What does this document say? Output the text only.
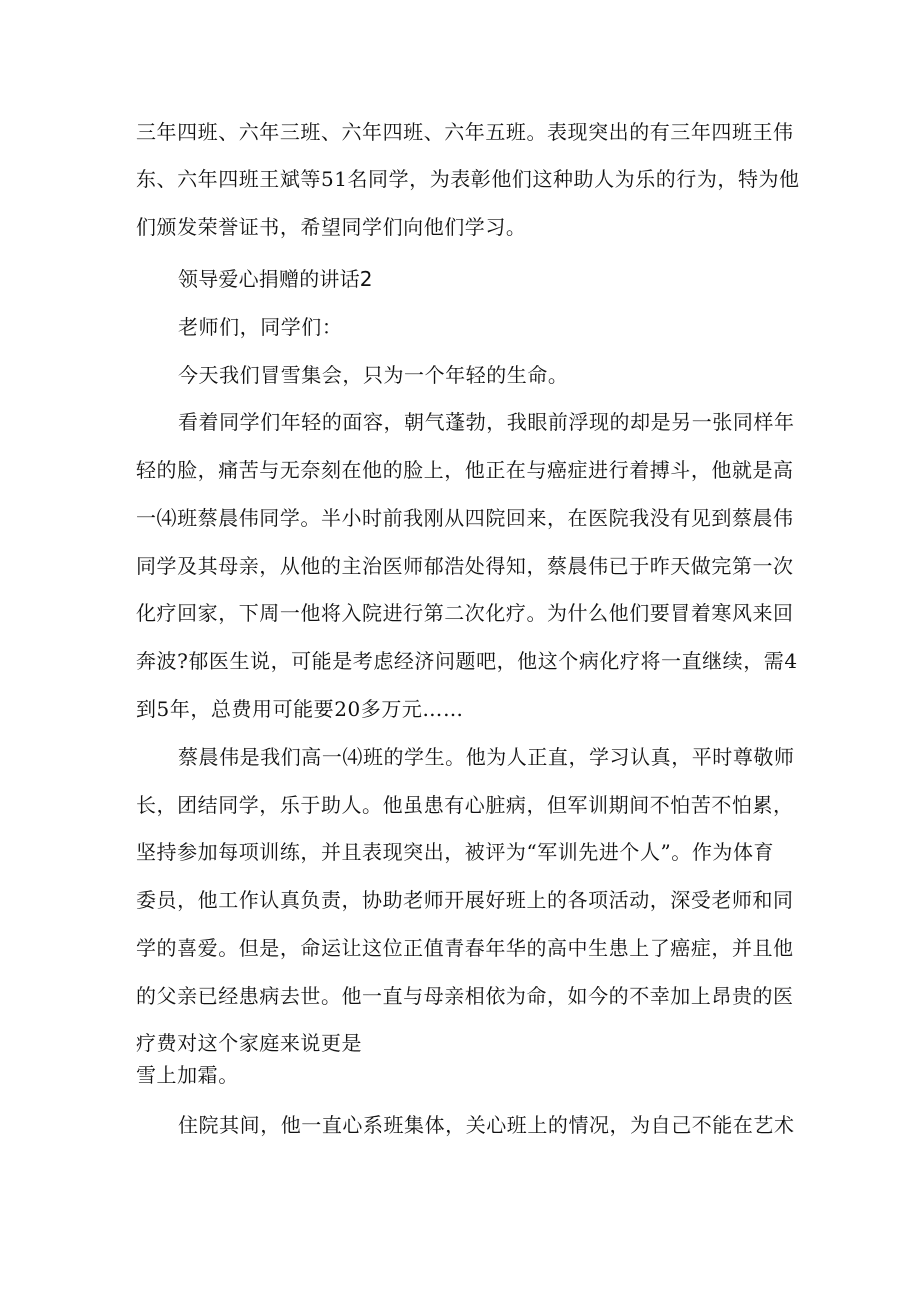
三年四班、六年三班、六年四班、六年五班。表现突出的有三年四班王伟
东、六年四班王斌等51名同学，为表彰他们这种助人为乐的行为，特为他
们颁发荣誉证书，希望同学们向他们学习。
领导爱心捐赠的讲话2
老师们，同学们：
今天我们冒雪集会，只为一个年轻的生命。
看着同学们年轻的面容，朝气蓬勃，我眼前浮现的却是另一张同样年
轻的脸，痛苦与无奈刻在他的脸上，他正在与癌症进行着搏斗，他就是高
一⑷班蔡晨伟同学。半小时前我刚从四院回来，在医院我没有见到蔡晨伟
同学及其母亲，从他的主治医师郁浩处得知，蔡晨伟已于昨天做完第一次
化疗回家，下周一他将入院进行第二次化疗。为什么他们要冒着寒风来回
奔波?郁医生说，可能是考虑经济问题吧，他这个病化疗将一直继续，需4
到5年，总费用可能要20多万元……
蔡晨伟是我们高一⑷班的学生。他为人正直，学习认真，平时尊敬师
长，团结同学，乐于助人。他虽患有心脏病，但军训期间不怕苦不怕累，
坚持参加每项训练，并且表现突出，被评为“军训先进个人”。作为体育
委员，他工作认真负责，协助老师开展好班上的各项活动，深受老师和同
学的喜爱。但是，命运让这位正值青春年华的高中生患上了癌症，并且他
的父亲已经患病去世。他一直与母亲相依为命，如今的不幸加上昂贵的医
疗费对这个家庭来说更是
雪上加霜。
住院其间，他一直心系班集体，关心班上的情况，为自己不能在艺术
